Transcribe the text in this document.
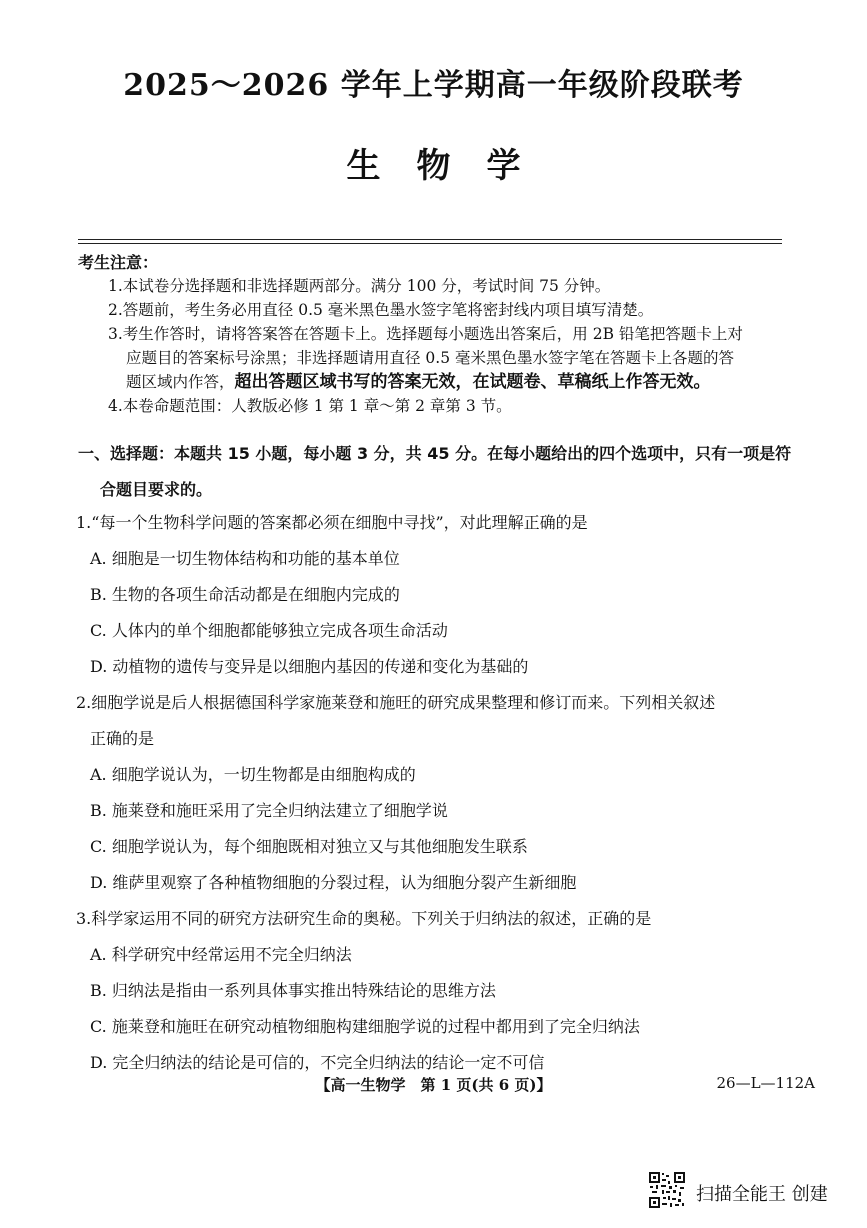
2025～2026 学年上学期高一年级阶段联考
生物学
考生注意：
1.本试卷分选择题和非选择题两部分。满分 100 分，考试时间 75 分钟。
2.答题前，考生务必用直径 0.5 毫米黑色墨水签字笔将密封线内项目填写清楚。
3.考生作答时，请将答案答在答题卡上。选择题每小题选出答案后，用 2B 铅笔把答题卡上对
应题目的答案标号涂黑；非选择题请用直径 0.5 毫米黑色墨水签字笔在答题卡上各题的答
题区域内作答，超出答题区域书写的答案无效，在试题卷、草稿纸上作答无效。
4.本卷命题范围：人教版必修 1 第 1 章～第 2 章第 3 节。
一、选择题：本题共 15 小题，每小题 3 分，共 45 分。在每小题给出的四个选项中，只有一项是符
合题目要求的。
1.“每一个生物科学问题的答案都必须在细胞中寻找”，对此理解正确的是
A. 细胞是一切生物体结构和功能的基本单位
B. 生物的各项生命活动都是在细胞内完成的
C. 人体内的单个细胞都能够独立完成各项生命活动
D. 动植物的遗传与变异是以细胞内基因的传递和变化为基础的
2.细胞学说是后人根据德国科学家施莱登和施旺的研究成果整理和修订而来。下列相关叙述
正确的是
A. 细胞学说认为，一切生物都是由细胞构成的
B. 施莱登和施旺采用了完全归纳法建立了细胞学说
C. 细胞学说认为，每个细胞既相对独立又与其他细胞发生联系
D. 维萨里观察了各种植物细胞的分裂过程，认为细胞分裂产生新细胞
3.科学家运用不同的研究方法研究生命的奥秘。下列关于归纳法的叙述，正确的是
A. 科学研究中经常运用不完全归纳法
B. 归纳法是指由一系列具体事实推出特殊结论的思维方法
C. 施莱登和施旺在研究动植物细胞构建细胞学说的过程中都用到了完全归纳法
D. 完全归纳法的结论是可信的，不完全归纳法的结论一定不可信
【高一生物学　第 1 页(共 6 页)】	26—L—112A
扫描全能王 创建
